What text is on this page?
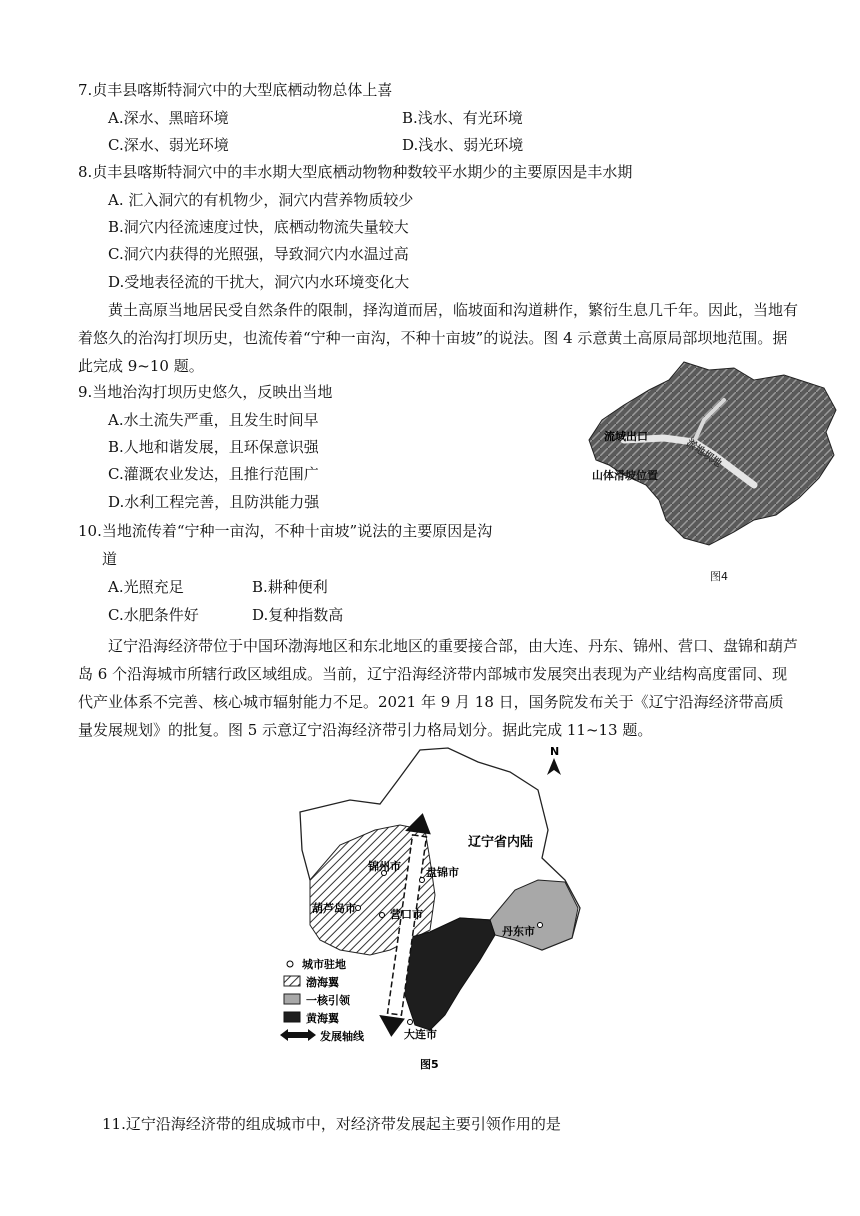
7.贞丰县喀斯特洞穴中的大型底栖动物总体上喜
A.深水、黑暗环境	B.浅水、有光环境
C.深水、弱光环境	D.浅水、弱光环境
8.贞丰县喀斯特洞穴中的丰水期大型底栖动物物种数较平水期少的主要原因是丰水期
A. 汇入洞穴的有机物少，洞穴内营养物质较少
B.洞穴内径流速度过快，底栖动物流失量较大
C.洞穴内获得的光照强，导致洞穴内水温过高
D.受地表径流的干扰大，洞穴内水环境变化大
黄土高原当地居民受自然条件的限制，择沟道而居，临坡面和沟道耕作，繁衍生息几千年。因此，当地有着悠久的治沟打坝历史，也流传着“宁种一亩沟，不种十亩坡”的说法。图 4 示意黄土高原局部坝地范围。据此完成 9~10 题。
9.当地治沟打坝历史悠久，反映出当地
A.水土流失严重，且发生时间早
B.人地和谐发展，且环保意识强
C.灌溉农业发达，且推行范围广
D.水利工程完善，且防洪能力强
10.当地流传着“宁种一亩沟，不种十亩坡”说法的主要原因是沟
道
A.光照充足	B.耕种便利
C.水肥条件好	D.复种指数高
流域出口
淤地坝地
山体滑坡位置
图4
辽宁沿海经济带位于中国环渤海地区和东北地区的重要接合部，由大连、丹东、锦州、营口、盘锦和葫芦岛 6 个沿海城市所辖行政区域组成。当前，辽宁沿海经济带内部城市发展突出表现为产业结构高度雷同、现代产业体系不完善、核心城市辐射能力不足。2021 年 9 月 18 日，国务院发布关于《辽宁沿海经济带高质量发展规划》的批复。图 5 示意辽宁沿海经济带引力格局划分。据此完成 11~13 题。
N
辽宁省内陆
锦州市 盘锦市
葫芦岛市	营口市
丹东市
大连市
城市驻地
渤海翼
一核引领
黄海翼
发展轴线
图5
11.辽宁沿海经济带的组成城市中，对经济带发展起主要引领作用的是
